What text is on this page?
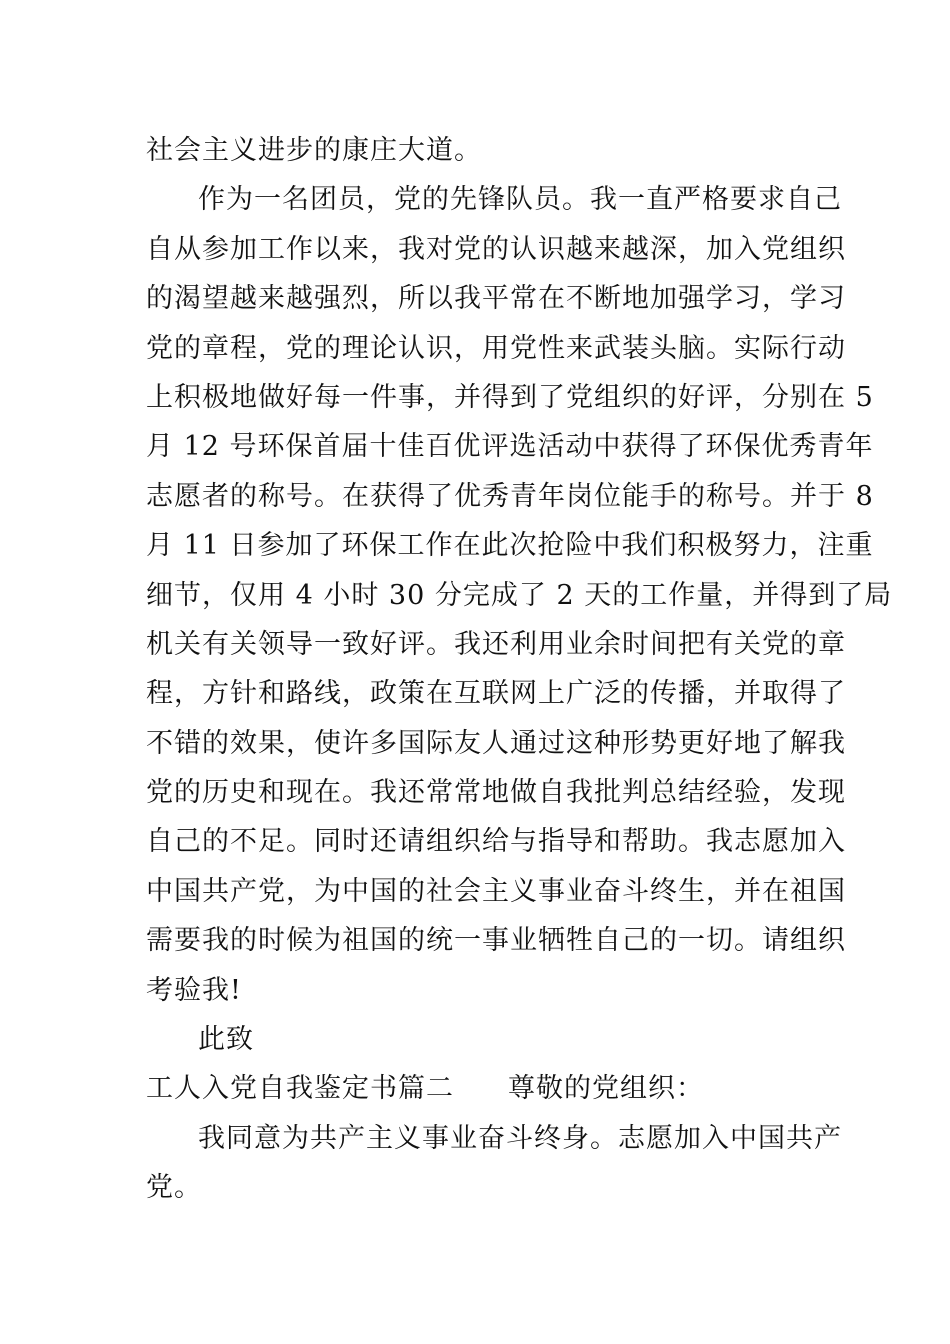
社会主义进步的康庄大道。
作为一名团员，党的先锋队员。我一直严格要求自己
自从参加工作以来，我对党的认识越来越深，加入党组织
的渴望越来越强烈，所以我平常在不断地加强学习，学习
党的章程，党的理论认识，用党性来武装头脑。实际行动
上积极地做好每一件事，并得到了党组织的好评，分别在 5
月 12 号环保首届十佳百优评选活动中获得了环保优秀青年
志愿者的称号。在获得了优秀青年岗位能手的称号。并于 8
月 11 日参加了环保工作在此次抢险中我们积极努力，注重
细节，仅用 4 小时 30 分完成了 2 天的工作量，并得到了局
机关有关领导一致好评。我还利用业余时间把有关党的章
程，方针和路线，政策在互联网上广泛的传播，并取得了
不错的效果，使许多国际友人通过这种形势更好地了解我
党的历史和现在。我还常常地做自我批判总结经验，发现
自己的不足。同时还请组织给与指导和帮助。我志愿加入
中国共产党，为中国的社会主义事业奋斗终生，并在祖国
需要我的时候为祖国的统一事业牺牲自己的一切。请组织
考验我!
此致
工人入党自我鉴定书篇二 尊敬的党组织：
我同意为共产主义事业奋斗终身。志愿加入中国共产
党。
